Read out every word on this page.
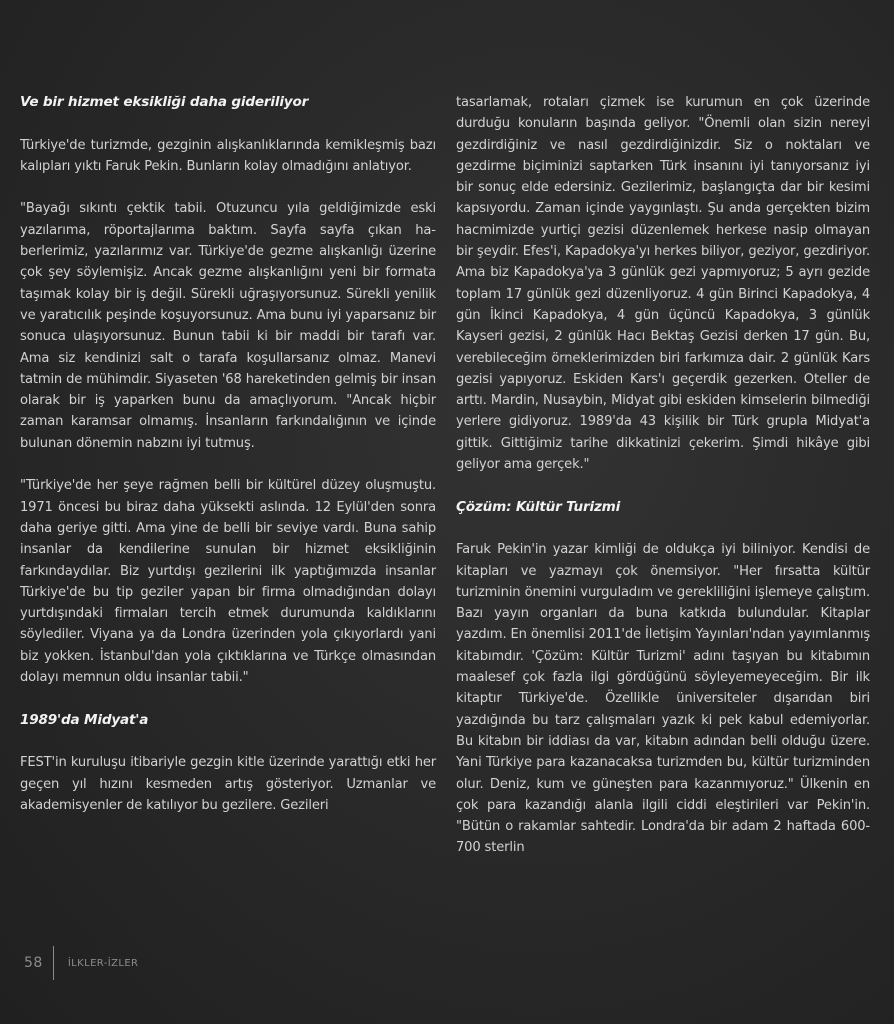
Ve bir hizmet eksikliği daha gideriliyor

Türkiye'de turizmde, gezginin alışkanlıklarında kemikleşmiş bazı kalıpları yıktı Faruk Pekin. Bunların kolay olmadığını anlatıyor.

"Bayağı sıkıntı çektik tabii. Otuzuncu yıla geldiğimizde eski yazılarıma, röportajlarıma baktım. Sayfa sayfa çıkan haberlerimiz, yazılarımız var. Türkiye'de gezme alışkanlığı üzerine çok şey söylemişiz. Ancak gezme alışkanlığını yeni bir formata taşımak kolay bir iş değil. Sürekli uğraşıyorsunuz. Sürekli yenilik ve yaratıcılık peşinde koşuyorsunuz. Ama bunu iyi yaparsanız bir sonuca ulaşıyorsunuz. Bunun tabii ki bir maddi bir tarafı var. Ama siz kendinizi salt o tarafa koşullarsanız olmaz. Manevi tatmin de mühimdir. Siyaseten '68 hareketinden gelmiş bir insan olarak bir iş yaparken bunu da amaçlıyorum. "Ancak hiçbir zaman karamsar olmamış. İnsanların farkındalığının ve içinde bulunan dönemin nabzını iyi tutmuş.

"Türkiye'de her şeye rağmen belli bir kültürel düzey oluşmuştu. 1971 öncesi bu biraz daha yüksekti aslında. 12 Eylül'den sonra daha geriye gitti. Ama yine de belli bir seviye vardı. Buna sahip insanlar da kendilerine sunulan bir hizmet eksikliğinin farkındaydılar. Biz yurtdışı gezilerini ilk yaptığımızda insanlar Türkiye'de bu tip geziler yapan bir firma olmadığından dolayı yurtdışındaki firmaları tercih etmek durumunda kaldıklarını söylediler. Viyana ya da Londra üzerinden yola çıkıyorlardı yani biz yokken. İstanbul'dan yola çıktıklarına ve Türkçe olmasından dolayı memnun oldu insanlar tabii."

1989'da Midyat'a

FEST'in kuruluşu itibariyle gezgin kitle üzerinde yarattığı etki her geçen yıl hızını kesmeden artış gösteriyor. Uzmanlar ve akademisyenler de katılıyor bu gezilere. Gezileri

tasarlamak, rotaları çizmek ise kurumun en çok üzerinde durduğu konuların başında geliyor. "Önemli olan sizin nereyi gezdirdiğiniz ve nasıl gezdirdiğinizdir. Siz o noktaları ve gezdirme biçiminizi saptarken Türk insanını iyi tanıyorsanız iyi bir sonuç elde edersiniz. Gezilerimiz, başlangıçta dar bir kesimi kapsıyordu. Zaman içinde yaygınlaştı. Şu anda gerçekten bizim hacmimizde yurtiçi gezisi düzenlemek herkese nasip olmayan bir şeydir. Efes'i, Kapadokya'yı herkes biliyor, geziyor, gezdiriyor. Ama biz Kapadokya'ya 3 günlük gezi yapmıyoruz; 5 ayrı gezide toplam 17 günlük gezi düzenliyoruz. 4 gün Birinci Kapadokya, 4 gün İkinci Kapadokya, 4 gün üçüncü Kapadokya, 3 günlük Kayseri gezisi, 2 günlük Hacı Bektaş Gezisi derken 17 gün. Bu, verebileceğim örneklerimizden biri farkımıza dair. 2 günlük Kars gezisi yapıyoruz. Eskiden Kars'ı geçerdik gezerken. Oteller de arttı. Mardin, Nusaybin, Midyat gibi eskiden kimselerin bilmediği yerlere gidiyoruz. 1989'da 43 kişilik bir Türk grupla Midyat'a gittik. Gittiğimiz tarihe dikkatinizi çekerim. Şimdi hikâye gibi geliyor ama gerçek."

Çözüm: Kültür Turizmi

Faruk Pekin'in yazar kimliği de oldukça iyi biliniyor. Kendisi de kitapları ve yazmayı çok önemsiyor. "Her fırsatta kültür turizminin önemini vurguladım ve gerekliliğini işlemeye çalıştım. Bazı yayın organları da buna katkıda bulundular. Kitaplar yazdım. En önemlisi 2011'de İletişim Yayınları'ndan yayımlanmış kitabımdır. 'Çözüm: Kültür Turizmi' adını taşıyan bu kitabımın maalesef çok fazla ilgi gördüğünü söyleyemeyeceğim. Bir ilk kitaptır Türkiye'de. Özellikle üniversiteler dışarıdan biri yazdığında bu tarz çalışmaları yazık ki pek kabul edemiyorlar. Bu kitabın bir iddiası da var, kitabın adından belli olduğu üzere. Yani Türkiye para kazanacaksa turizmden bu, kültür turizminden olur. Deniz, kum ve güneşten para kazanmıyoruz." Ülkenin en çok para kazandığı alanla ilgili ciddi eleştirileri var Pekin'in. "Bütün o rakamlar sahtedir. Londra'da bir adam 2 haftada 600-700 sterlin

58	İLKLER-İZLER
